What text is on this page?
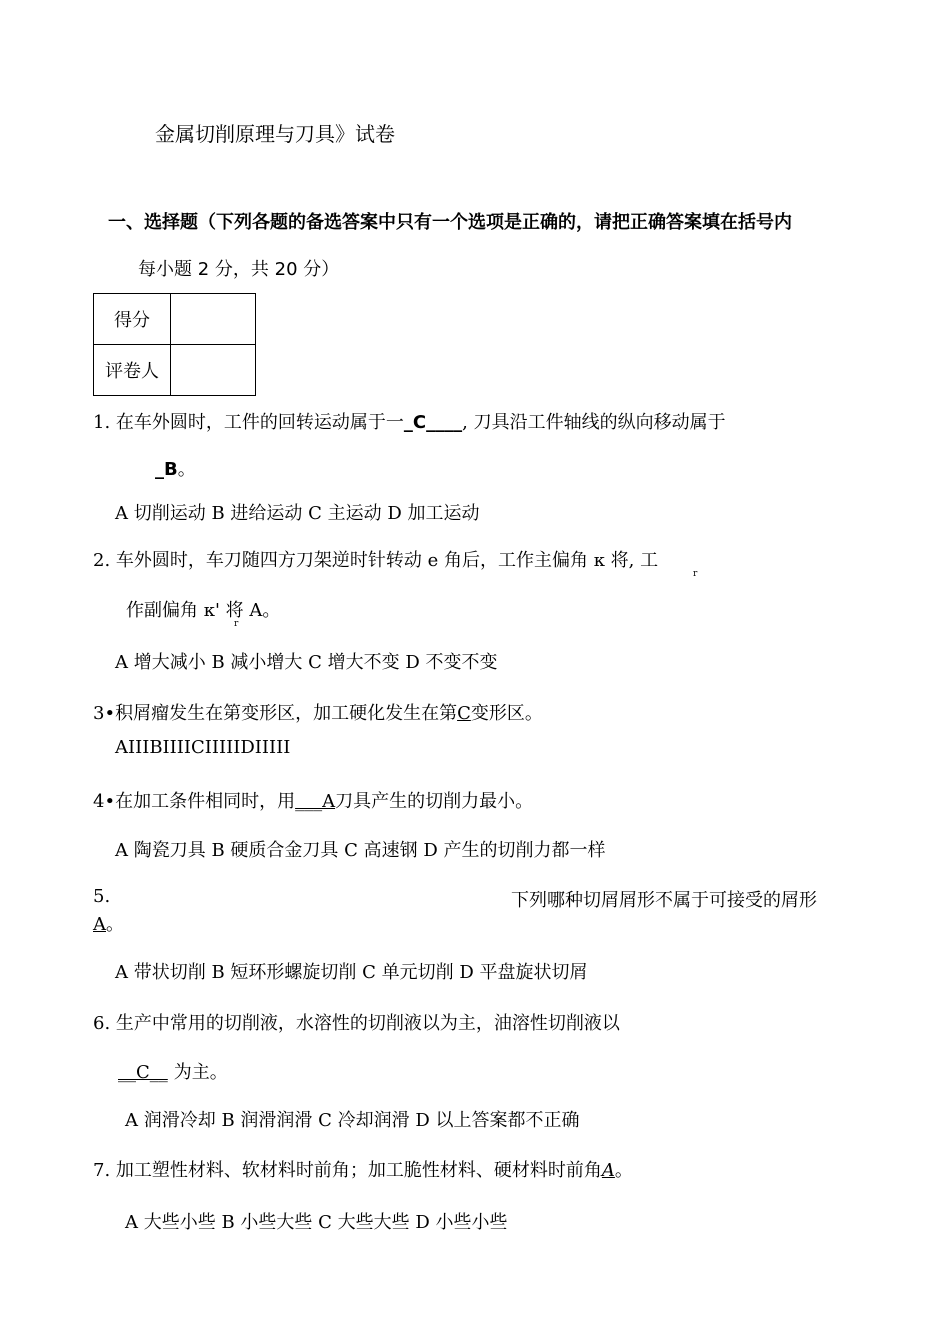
金属切削原理与刀具》试卷
一、选择题（下列各题的备选答案中只有一个选项是正确的，请把正确答案填在括号内
每小题 2 分，共 20 分）
得分	
评卷人	
1. 在车外圆时，工件的回转运动属于一_C____, 刀具沿工件轴线的纵向移动属于
_B。
A 切削运动 B 进给运动 C 主运动 D 加工运动
2. 车外圆时，车刀随四方刀架逆时针转动 e 角后，工作主偏角 κ 将, 工
r
作副偏角 κ' 将 A。
r
A 增大减小 B 减小增大 C 增大不变 D 不变不变
3•积屑瘤发生在第变形区，加工硬化发生在第C变形区。
AIIIBIIIICIIIIIDIIIII
4•在加工条件相同时，用___A刀具产生的切削力最小。
A 陶瓷刀具 B 硬质合金刀具 C 高速钢 D 产生的切削力都一样
5.	下列哪种切屑屑形不属于可接受的屑形
A。
A 带状切削 B 短环形螺旋切削 C 单元切削 D 平盘旋状切屑
6. 生产中常用的切削液，水溶性的切削液以为主，油溶性切削液以
__C__ 为主。
A 润滑冷却 B 润滑润滑 C 冷却润滑 D 以上答案都不正确
7. 加工塑性材料、软材料时前角；加工脆性材料、硬材料时前角A。
A 大些小些 B 小些大些 C 大些大些 D 小些小些
